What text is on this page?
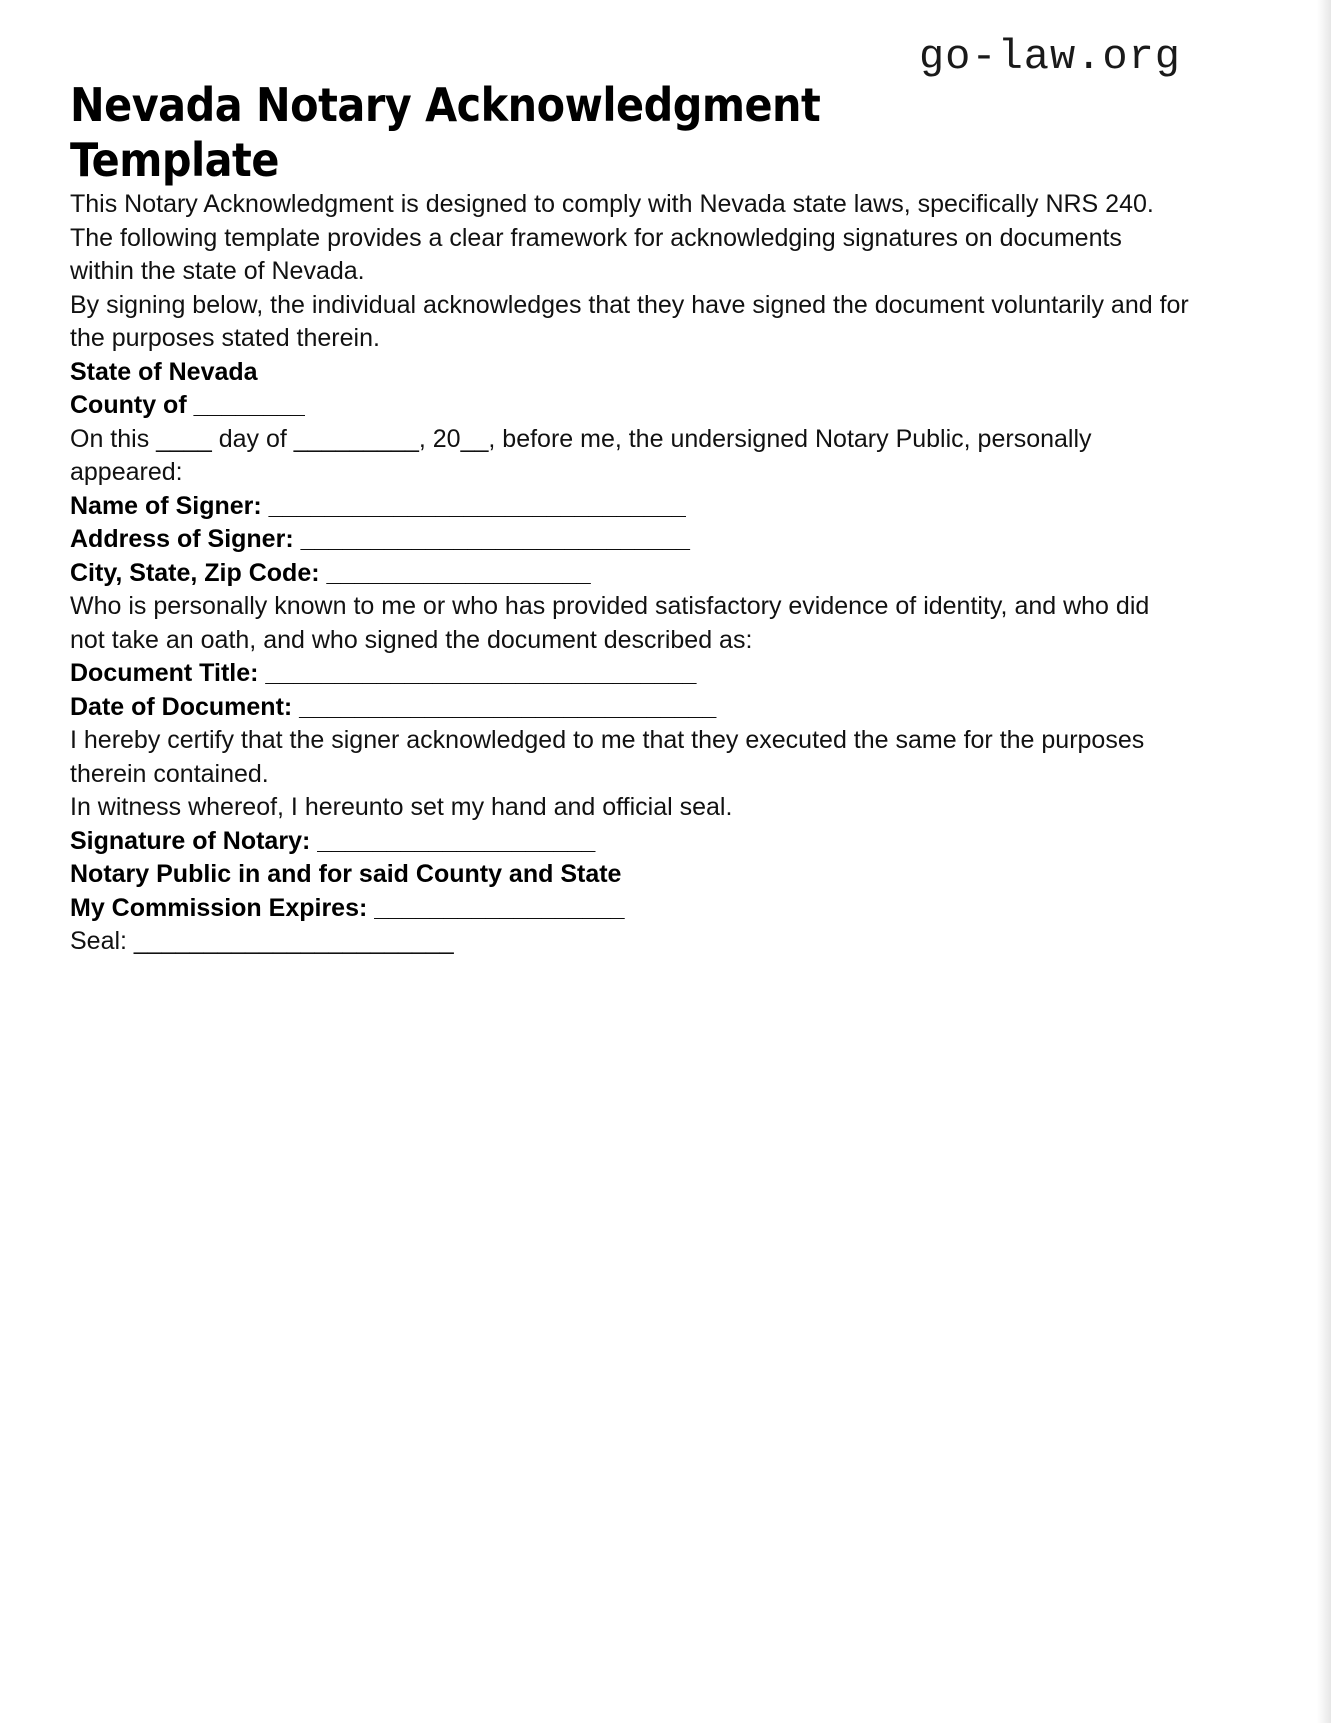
go-law.org
Nevada Notary Acknowledgment Template

This Notary Acknowledgment is designed to comply with Nevada state laws, specifically NRS 240. The following template provides a clear framework for acknowledging signatures on documents within the state of Nevada.

By signing below, the individual acknowledges that they have signed the document voluntarily and for the purposes stated therein.

State of Nevada

County of ________

On this ____ day of _________, 20__, before me, the undersigned Notary Public, personally appeared:

Name of Signer: ______________________________

Address of Signer: ____________________________

City, State, Zip Code: ___________________

Who is personally known to me or who has provided satisfactory evidence of identity, and who did not take an oath, and who signed the document described as:

Document Title: _______________________________

Date of Document: ______________________________

I hereby certify that the signer acknowledged to me that they executed the same for the purposes therein contained.

In witness whereof, I hereunto set my hand and official seal.

Signature of Notary: ____________________

Notary Public in and for said County and State

My Commission Expires: __________________

Seal: _______________________
